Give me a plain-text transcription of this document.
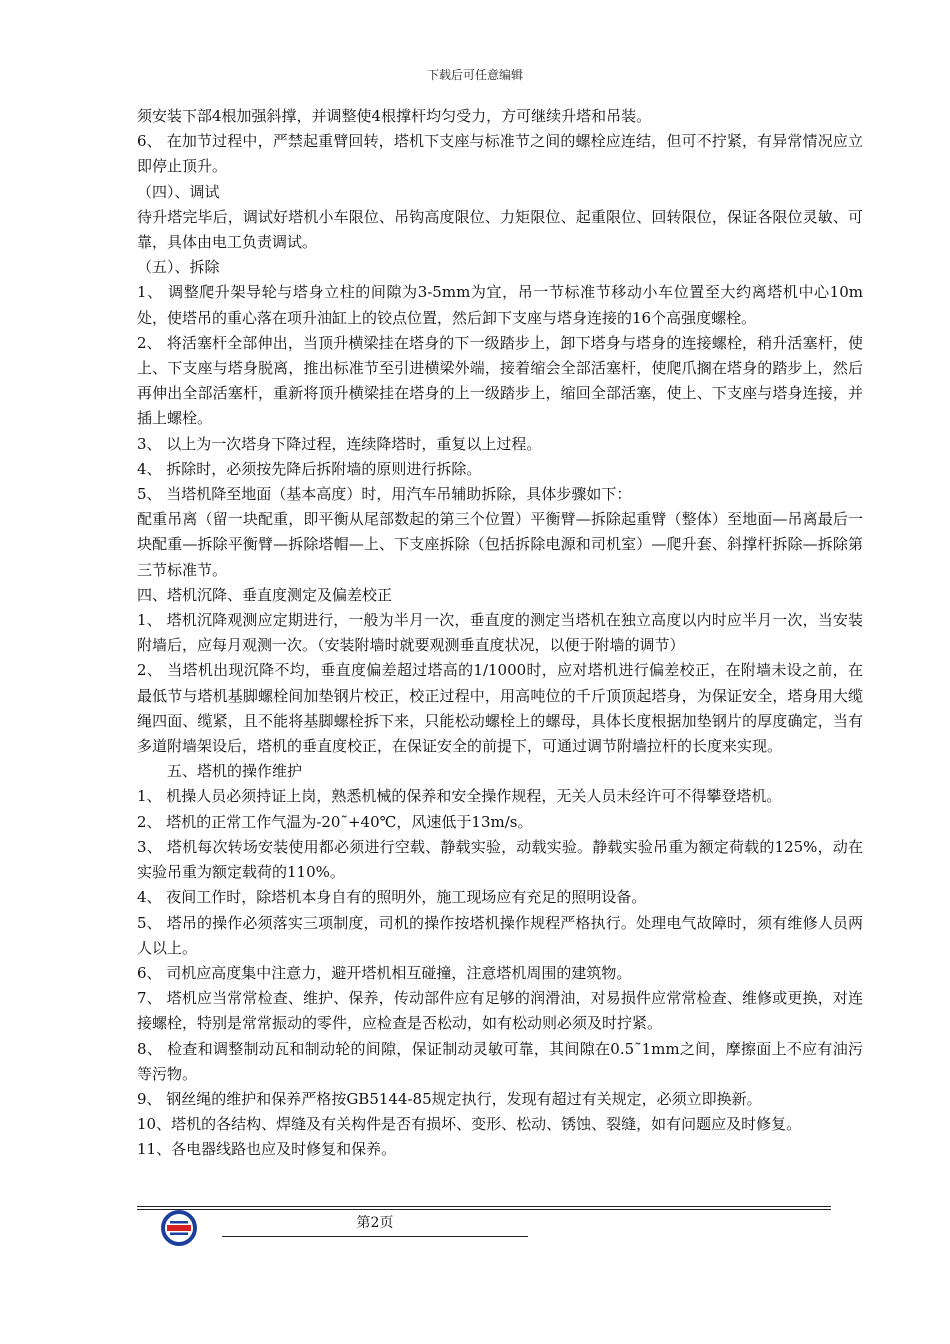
下载后可任意编辑

须安装下部4根加强斜撑，并调整使4根撑杆均匀受力，方可继续升塔和吊装。

6、 在加节过程中，严禁起重臂回转，塔机下支座与标准节之间的螺栓应连结，但可不拧紧，有异常情况应立即停止顶升。

（四）、调试

待升塔完毕后，调试好塔机小车限位、吊钩高度限位、力矩限位、起重限位、回转限位，保证各限位灵敏、可靠，具体由电工负责调试。

（五）、拆除

1、 调整爬升架导轮与塔身立柱的间隙为3-5mm为宜，吊一节标准节移动小车位置至大约离塔机中心10m处，使塔吊的重心落在项升油缸上的铰点位置，然后卸下支座与塔身连接的16个高强度螺栓。

2、 将活塞杆全部伸出，当顶升横梁挂在塔身的下一级踏步上，卸下塔身与塔身的连接螺栓，稍升活塞杆，使上、下支座与塔身脱离，推出标准节至引进横梁外端，接着缩会全部活塞杆，使爬爪搁在塔身的踏步上，然后再伸出全部活塞杆，重新将顶升横梁挂在塔身的上一级踏步上，缩回全部活塞，使上、下支座与塔身连接，并插上螺栓。

3、 以上为一次塔身下降过程，连续降塔时，重复以上过程。

4、 拆除时，必须按先降后拆附墙的原则进行拆除。

5、 当塔机降至地面（基本高度）时，用汽车吊辅助拆除，具体步骤如下：

配重吊离（留一块配重，即平衡从尾部数起的第三个位置）平衡臂—拆除起重臂（整体）至地面—吊离最后一块配重—拆除平衡臂—拆除塔帽—上、下支座拆除（包括拆除电源和司机室）—爬升套、斜撑杆拆除—拆除第三节标准节。

四、塔机沉降、垂直度测定及偏差校正

1、 塔机沉降观测应定期进行，一般为半月一次，垂直度的测定当塔机在独立高度以内时应半月一次，当安装附墙后，应每月观测一次。（安装附墙时就要观测垂直度状况，以便于附墙的调节）

2、 当塔机出现沉降不均，垂直度偏差超过塔高的1/1000时，应对塔机进行偏差校正，在附墙未设之前，在最低节与塔机基脚螺栓间加垫钢片校正，校正过程中，用高吨位的千斤顶顶起塔身，为保证安全，塔身用大缆绳四面、缆紧，且不能将基脚螺栓拆下来，只能松动螺栓上的螺母，具体长度根据加垫钢片的厚度确定，当有多道附墙架设后，塔机的垂直度校正，在保证安全的前提下，可通过调节附墙拉杆的长度来实现。

五、塔机的操作维护

1、 机操人员必须持证上岗，熟悉机械的保养和安全操作规程，无关人员未经许可不得攀登塔机。

2、 塔机的正常工作气温为-20˜+40℃，风速低于13m/s。

3、 塔机每次转场安装使用都必须进行空载、静载实验，动载实验。静载实验吊重为额定荷载的125%，动在实验吊重为额定载荷的110%。

4、 夜间工作时，除塔机本身自有的照明外，施工现场应有充足的照明设备。

5、 塔吊的操作必须落实三项制度，司机的操作按塔机操作规程严格执行。处理电气故障时，须有维修人员两人以上。

6、 司机应高度集中注意力，避开塔机相互碰撞，注意塔机周围的建筑物。

7、 塔机应当常常检查、维护、保养，传动部件应有足够的润滑油，对易损件应常常检查、维修或更换，对连接螺栓，特别是常常振动的零件，应检查是否松动，如有松动则必须及时拧紧。

8、 检查和调整制动瓦和制动轮的间隙，保证制动灵敏可靠，其间隙在0.5˜1mm之间，摩擦面上不应有油污等污物。

9、 钢丝绳的维护和保养严格按GB5144-85规定执行，发现有超过有关规定，必须立即换新。

10、塔机的各结构、焊缝及有关构件是否有损坏、变形、松动、锈蚀、裂缝，如有问题应及时修复。

11、各电器线路也应及时修复和保养。

第2页
